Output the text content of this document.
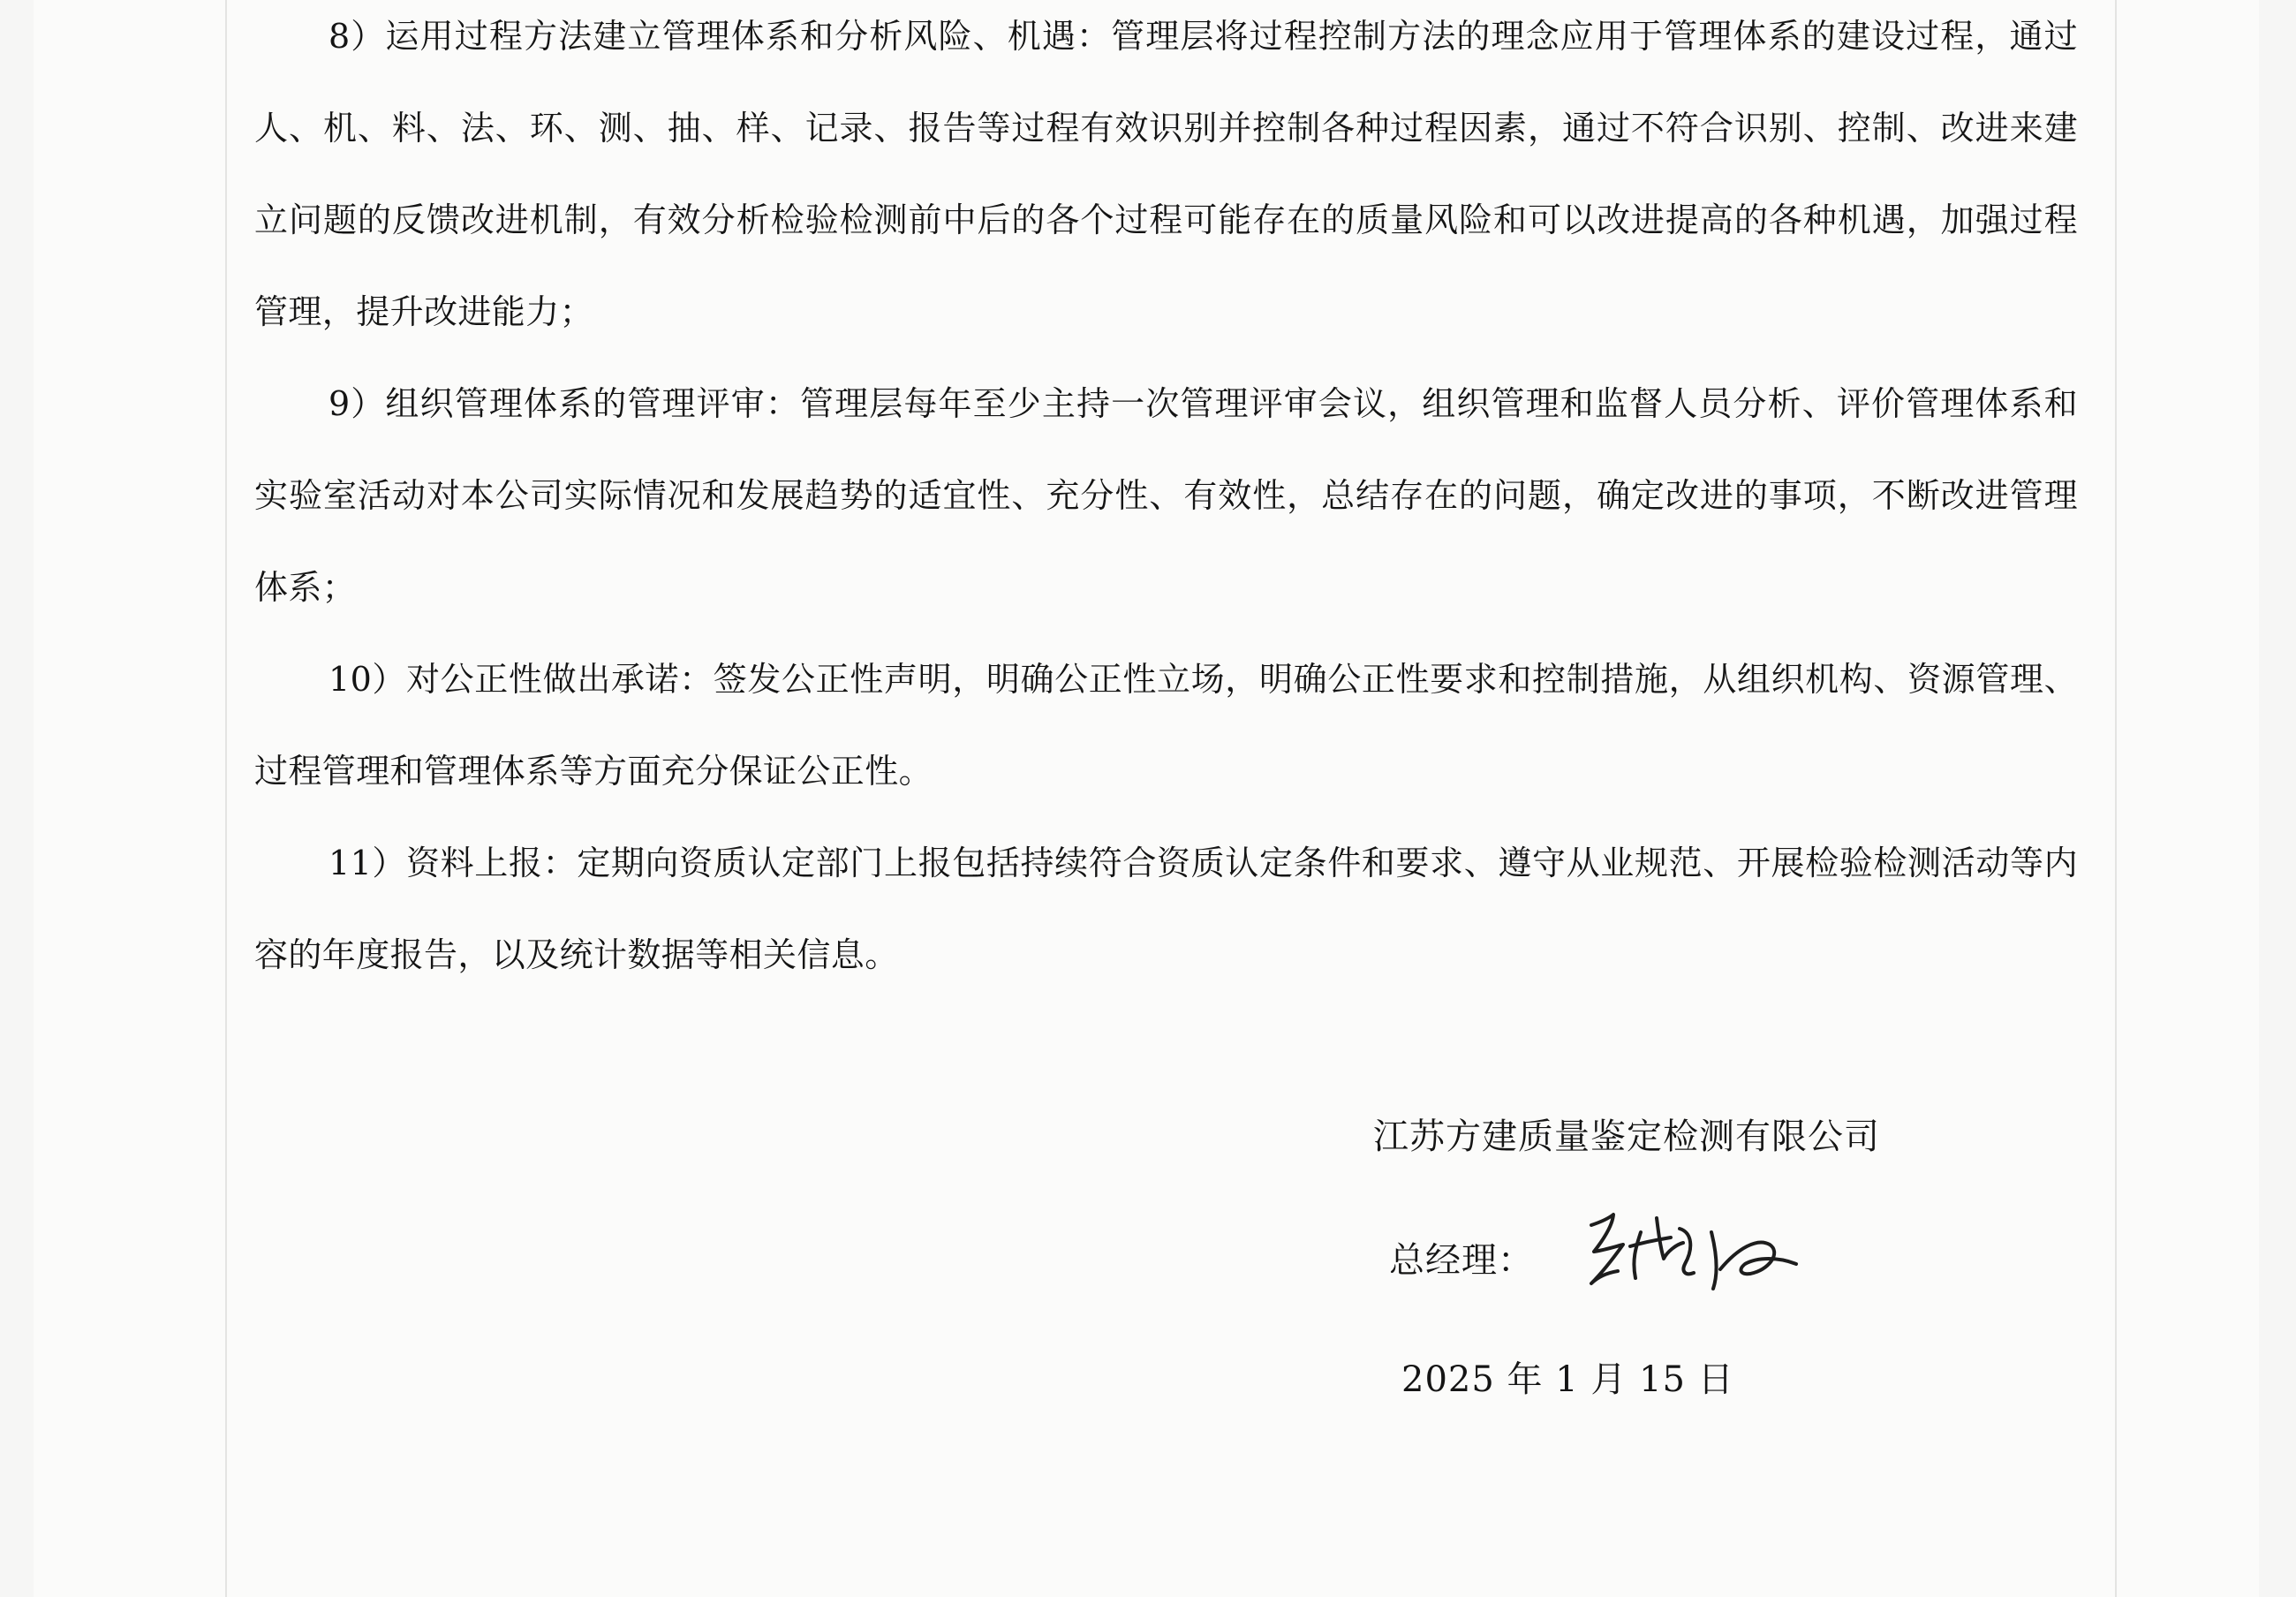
8）运用过程方法建立管理体系和分析风险、机遇：管理层将过程控制方法的理念应用于管理体系的建设过程，通过人、机、料、法、环、测、抽、样、记录、报告等过程有效识别并控制各种过程因素，通过不符合识别、控制、改进来建立问题的反馈改进机制，有效分析检验检测前中后的各个过程可能存在的质量风险和可以改进提高的各种机遇，加强过程管理，提升改进能力；

9）组织管理体系的管理评审：管理层每年至少主持一次管理评审会议，组织管理和监督人员分析、评价管理体系和实验室活动对本公司实际情况和发展趋势的适宜性、充分性、有效性，总结存在的问题，确定改进的事项，不断改进管理体系；

10）对公正性做出承诺：签发公正性声明，明确公正性立场，明确公正性要求和控制措施，从组织机构、资源管理、过程管理和管理体系等方面充分保证公正性。

11）资料上报：定期向资质认定部门上报包括持续符合资质认定条件和要求、遵守从业规范、开展检验检测活动等内容的年度报告，以及统计数据等相关信息。

江苏方建质量鉴定检测有限公司
总经理：
2025 年 1 月 15 日
